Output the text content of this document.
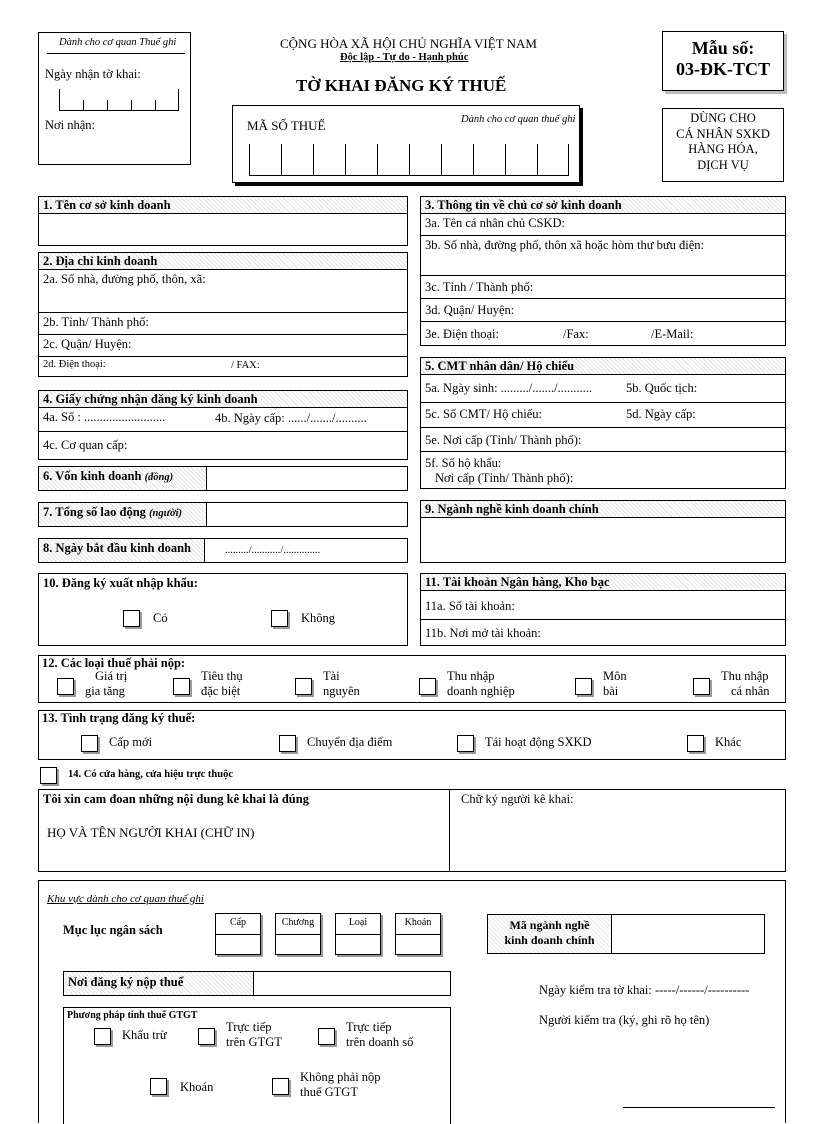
Dành cho cơ quan Thuế ghi
Ngày nhận tờ khai:
Nơi nhận:
CỘNG HÒA XÃ HỘI CHỦ NGHĨA VIỆT NAM
Độc lập - Tự do - Hạnh phúc
TỜ KHAI ĐĂNG KÝ THUẾ
Mẫu số:
03-ĐK-TCT
MÃ SỐ THUẾ	Dành cho cơ quan thuế ghi	DÙNG CHO
CÁ NHÂN SXKD
HÀNG HÓA,
DỊCH VỤ
1. Tên cơ sở kinh doanh
2. Địa chỉ kinh doanh
2a. Số nhà, đường phố, thôn, xã:
2b. Tỉnh/ Thành phố:
2c. Quận/ Huyện:
2d. Điện thoại:	/ FAX:
4. Giấy chứng nhận đăng ký kinh doanh
4a. Số : ..........................	4b. Ngày cấp: ....../......./..........
4c. Cơ quan cấp:
6. Vốn kinh doanh (đồng)
7. Tổng số lao động (người)
8. Ngày bắt đầu kinh doanh	........./.........../..............
10. Đăng ký xuất nhập khẩu:
Có	Không
3. Thông tin về chủ cơ sở kinh doanh
3a. Tên cá nhân chủ CSKD:
3b. Số nhà, đường phố, thôn xã hoặc hòm thư bưu điện:
3c. Tỉnh / Thành phố:
3d. Quận/ Huyện:
3e. Điện thoại:	/Fax:	/E-Mail:
5. CMT nhân dân/ Hộ chiếu
5a. Ngày sinh: ........./......./...........	5b. Quốc tịch:
5c. Số CMT/ Hộ chiếu:	5d. Ngày cấp:
5e. Nơi cấp (Tỉnh/ Thành phố):
5f. Số hộ khẩu:
Nơi cấp (Tỉnh/ Thành phố):
9. Ngành nghề kinh doanh chính
11. Tài khoản Ngân hàng, Kho bạc
11a. Số tài khoản:
11b. Nơi mở tài khoản:
12. Các loại thuế phải nộp:
Giá trị
gia tăng
Tiêu thụ
đặc biệt
Tài
nguyên
Thu nhập
doanh nghiệp
Môn
bài
Thu nhập
cá nhân
13. Tình trạng đăng ký thuế:
Cấp mới	Chuyển địa điểm	Tái hoạt động SXKD	Khác
14. Có cửa hàng, cửa hiệu trực thuộc
Tôi xin cam đoan những nội dung kê khai là đúng
HỌ VÀ TÊN NGƯỜI KHAI (CHỮ IN)
Chữ ký người kê khai:
Khu vực dành cho cơ quan thuế ghi
Mục lục ngân sách
Cấp	Chương	Loại	Khoản	Mã ngành nghề
kinh doanh chính
Nơi đăng ký nộp thuế
Ngày kiểm tra tờ khai: -----/------/----------
Người kiểm tra (ký, ghi rõ họ tên)
Phương pháp tính thuế GTGT
Khấu trừ
Trực tiếp
trên GTGT
Trực tiếp
trên doanh số
Khoán
Không phải nộp
thuế GTGT
